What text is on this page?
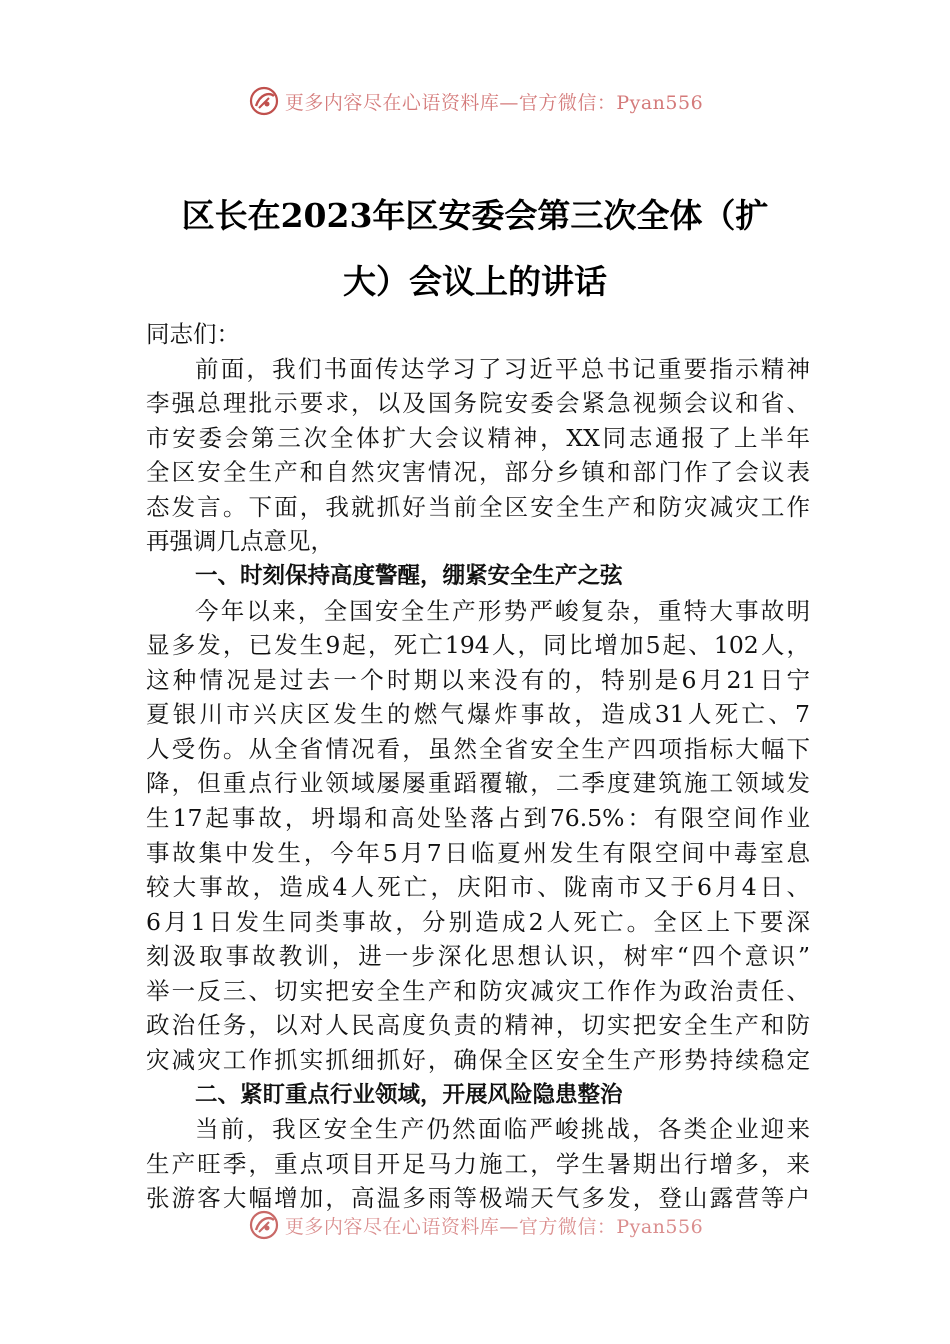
更多内容尽在心语资料库—官方微信：Pyan556
区长在2023年区安委会第三次全体（扩
大）会议上的讲话
同志们：
前面，我们书面传达学习了习近平总书记重要指示精神
李强总理批示要求，以及国务院安委会紧急视频会议和省、
市安委会第三次全体扩大会议精神，XX同志通报了上半年
全区安全生产和自然灾害情况，部分乡镇和部门作了会议表
态发言。下面，我就抓好当前全区安全生产和防灾减灾工作
再强调几点意见，
一、时刻保持高度警醒，绷紧安全生产之弦
今年以来，全国安全生产形势严峻复杂，重特大事故明
显多发，已发生9起，死亡194人，同比增加5起、102人，
这种情况是过去一个时期以来没有的，特别是6月21日宁
夏银川市兴庆区发生的燃气爆炸事故，造成31人死亡、7
人受伤。从全省情况看，虽然全省安全生产四项指标大幅下
降，但重点行业领域屡屡重蹈覆辙，二季度建筑施工领域发
生17起事故，坍塌和高处坠落占到76.5%：有限空间作业
事故集中发生，今年5月7日临夏州发生有限空间中毒室息
较大事故，造成4人死亡，庆阳市、陇南市又于6月4日、
6月1日发生同类事故，分别造成2人死亡。全区上下要深
刻汲取事故教训，进一步深化思想认识，树牢“四个意识”
举一反三、切实把安全生产和防灾减灾工作作为政治责任、
政治任务，以对人民高度负责的精神，切实把安全生产和防
灾减灾工作抓实抓细抓好，确保全区安全生产形势持续稳定
二、紧盯重点行业领域，开展风险隐患整治
当前，我区安全生产仍然面临严峻挑战，各类企业迎来
生产旺季，重点项目开足马力施工，学生暑期出行增多，来
张游客大幅增加，高温多雨等极端天气多发，登山露营等户
更多内容尽在心语资料库—官方微信：Pyan556
